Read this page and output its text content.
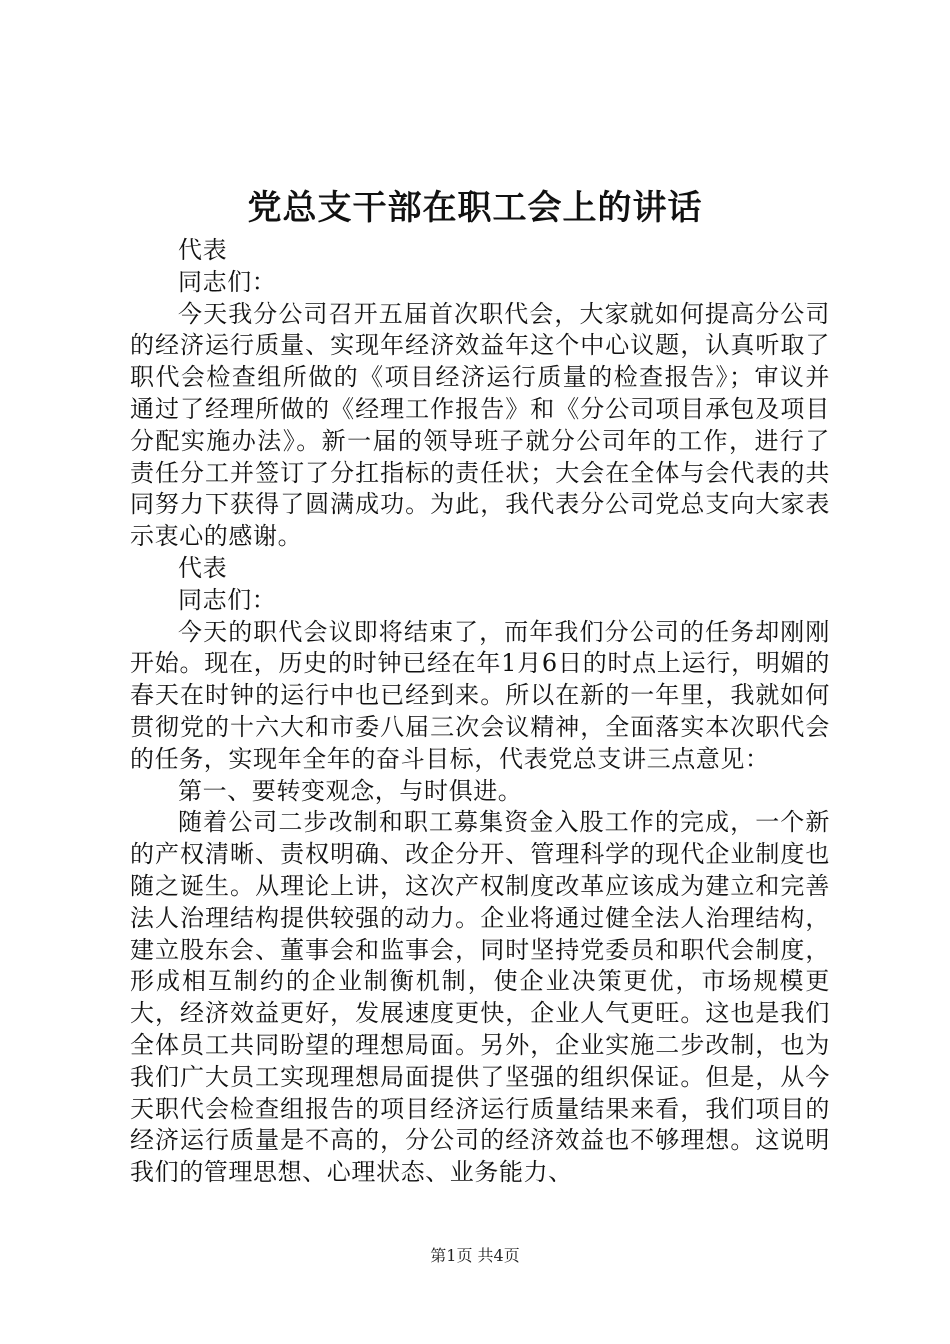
党总支干部在职工会上的讲话

代表

同志们：

今天我分公司召开五届首次职代会，大家就如何提高分公司的经济运行质量、实现年经济效益年这个中心议题，认真听取了职代会检查组所做的《项目经济运行质量的检查报告》；审议并通过了经理所做的《经理工作报告》和《分公司项目承包及项目分配实施办法》。新一届的领导班子就分公司年的工作，进行了责任分工并签订了分扛指标的责任状；大会在全体与会代表的共同努力下获得了圆满成功。为此，我代表分公司党总支向大家表示衷心的感谢。

代表

同志们：

今天的职代会议即将结束了，而年我们分公司的任务却刚刚开始。现在，历史的时钟已经在年1月6日的时点上运行，明媚的春天在时钟的运行中也已经到来。所以在新的一年里，我就如何贯彻党的十六大和市委八届三次会议精神，全面落实本次职代会的任务，实现年全年的奋斗目标，代表党总支讲三点意见：

第一、要转变观念，与时俱进。

随着公司二步改制和职工募集资金入股工作的完成，一个新的产权清晰、责权明确、改企分开、管理科学的现代企业制度也随之诞生。从理论上讲，这次产权制度改革应该成为建立和完善法人治理结构提供较强的动力。企业将通过健全法人治理结构，建立股东会、董事会和监事会，同时坚持党委员和职代会制度，形成相互制约的企业制衡机制，使企业决策更优，市场规模更大，经济效益更好，发展速度更快，企业人气更旺。这也是我们全体员工共同盼望的理想局面。另外，企业实施二步改制，也为我们广大员工实现理想局面提供了坚强的组织保证。但是，从今天职代会检查组报告的项目经济运行质量结果来看，我们项目的经济运行质量是不高的，分公司的经济效益也不够理想。这说明我们的管理思想、心理状态、业务能力、

第1页 共4页
